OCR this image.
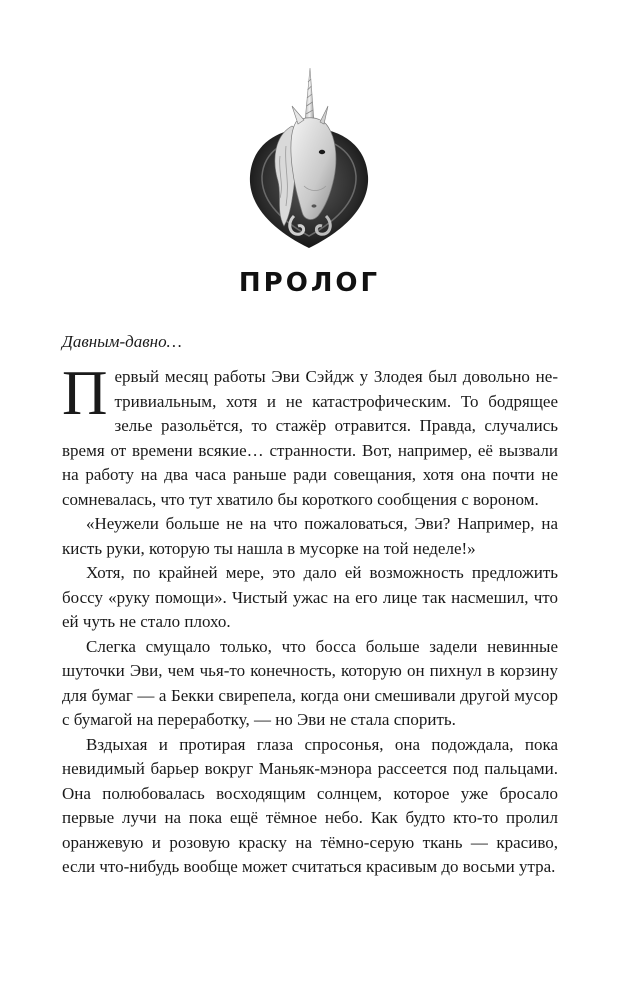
ПРОЛОГ
Давным-давно…

Первый месяц работы Эви Сэйдж у Злодея был довольно нетривиальным, хотя и не катастрофическим. То бодрящее зелье разольётся, то стажёр отравится. Правда, случались время от времени всякие… странности. Вот, например, её вызвали на работу на два часа раньше ради совещания, хотя она почти не сомневалась, что тут хватило бы короткого сообщения с вороном.

«Неужели больше не на что пожаловаться, Эви? Например, на кисть руки, которую ты нашла в мусорке на той неделе!»

Хотя, по крайней мере, это дало ей возможность предложить боссу «руку помощи». Чистый ужас на его лице так насмешил, что ей чуть не стало плохо.

Слегка смущало только, что босса больше задели невинные шуточки Эви, чем чья-то конечность, которую он пихнул в корзину для бумаг — а Бекки свирепела, когда они смешивали другой мусор с бумагой на переработку, — но Эви не стала спорить.

Вздыхая и протирая глаза спросонья, она подождала, пока невидимый барьер вокруг Маньяк-мэнора рассеется под пальцами. Она полюбовалась восходящим солнцем, которое уже бросало первые лучи на пока ещё тёмное небо. Как будто кто-то пролил оранжевую и розовую краску на тёмно-серую ткань — красиво, если что-нибудь вообще может считаться красивым до восьми утра.
